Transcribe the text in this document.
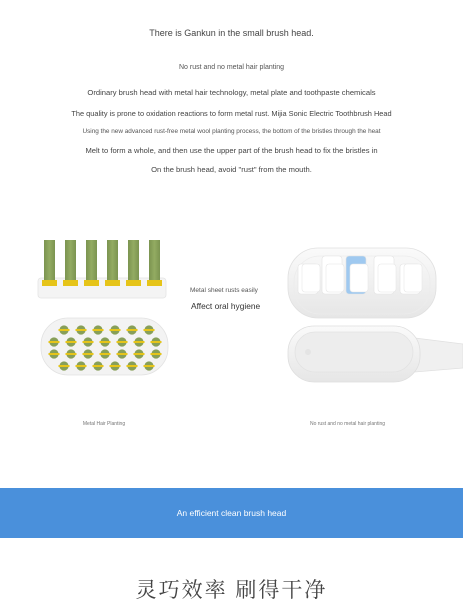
There is Gankun in the small brush head.
No rust and no metal hair planting
Ordinary brush head with metal hair technology, metal plate and toothpaste chemicals
The quality is prone to oxidation reactions to form metal rust. Mijia Sonic Electric Toothbrush Head
Using the new advanced rust-free metal wool planting process, the bottom of the bristles through the heat
Melt to form a whole, and then use the upper part of the brush head to fix the bristles in
On the brush head, avoid "rust" from the mouth.
Metal sheet rusts easily
Affect oral hygiene
Metal Hair Planting	No rust and no metal hair planting
An efficient clean brush head
灵巧效率 刷得干净
